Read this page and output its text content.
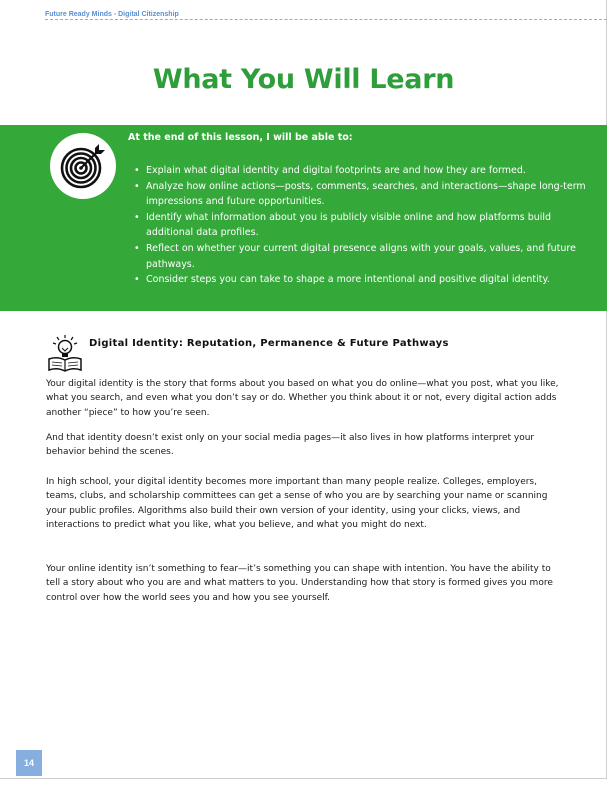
Future Ready Minds - Digital Citizenship
What You Will Learn
At the end of this lesson, I will be able to:
• Explain what digital identity and digital footprints are and how they are formed.
• Analyze how online actions—posts, comments, searches, and interactions—shape long-term impressions and future opportunities.
• Identify what information about you is publicly visible online and how platforms build additional data profiles.
• Reflect on whether your current digital presence aligns with your goals, values, and future pathways.
• Consider steps you can take to shape a more intentional and positive digital identity.
Digital Identity: Reputation, Permanence & Future Pathways

Your digital identity is the story that forms about you based on what you do online—what you post, what you like, what you search, and even what you don’t say or do. Whether you think about it or not, every digital action adds another “piece” to how you’re seen.

And that identity doesn’t exist only on your social media pages—it also lives in how platforms interpret your behavior behind the scenes.

In high school, your digital identity becomes more important than many people realize. Colleges, employers, teams, clubs, and scholarship committees can get a sense of who you are by searching your name or scanning your public profiles. Algorithms also build their own version of your identity, using your clicks, views, and interactions to predict what you like, what you believe, and what you might do next.

Your online identity isn’t something to fear—it’s something you can shape with intention. You have the ability to tell a story about who you are and what matters to you. Understanding how that story is formed gives you more control over how the world sees you and how you see yourself.

14
